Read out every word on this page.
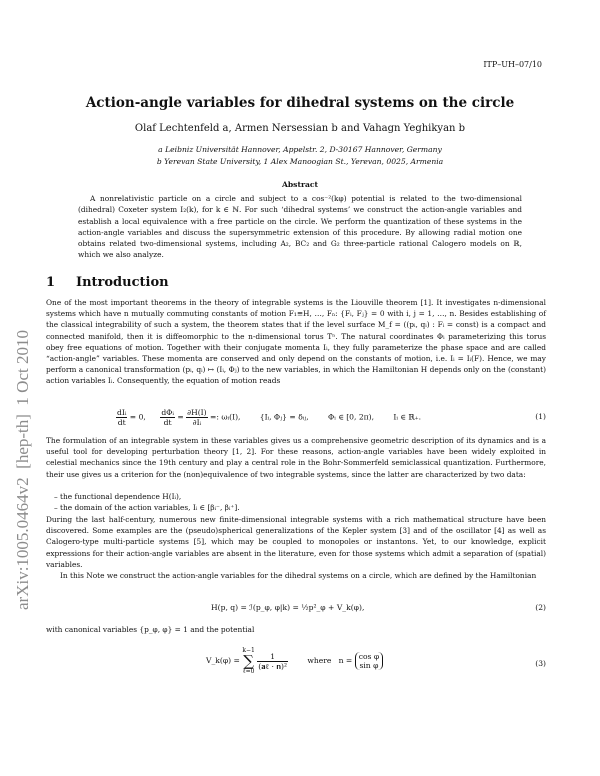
arXiv:1005.0464v2  [hep-th]  1 Oct 2010
ITP–UH–07/10
Action-angle variables for dihedral systems on the circle
Olaf Lechtenfeld a, Armen Nersessian b and Vahagn Yeghikyan b
a Leibniz Universität Hannover, Appelstr. 2, D-30167 Hannover, Germany
b Yerevan State University, 1 Alex Manoogian St., Yerevan, 0025, Armenia
Abstract
A nonrelativistic particle on a circle and subject to a cos⁻²(kφ) potential is related to the two-dimensional (dihedral) Coxeter system I₂(k), for k ∈ ℕ. For such ‘dihedral systems’ we construct the action-angle variables and establish a local equivalence with a free particle on the circle. We perform the quantization of these systems in the action-angle variables and discuss the supersymmetric extension of this procedure. By allowing radial motion one obtains related two-dimensional systems, including A₂, BC₂ and G₂ three-particle rational Calogero models on ℝ, which we also analyze.
1 Introduction
One of the most important theorems in the theory of integrable systems is the Liouville theorem [1]. It investigates n-dimensional systems which have n mutually commuting constants of motion F₁≡H, …, Fₙ: {Fᵢ, Fⱼ} = 0 with i, j = 1, …, n. Besides establishing of the classical integrability of such a system, the theorem states that if the level surface M_f = ((pᵢ, qᵢ) : Fᵢ = const) is a compact and connected manifold, then it is diffeomorphic to the n-dimensional torus Tⁿ. The natural coordinates Φᵢ parameterizing this torus obey free equations of motion. Together with their conjugate momenta Iᵢ, they fully parameterize the phase space and are called “action-angle” variables. These momenta are conserved and only depend on the constants of motion, i.e. Iᵢ = Iᵢ(F). Hence, we may perform a canonical transformation (pᵢ, qᵢ) ↦ (Iᵢ, Φⱼ) to the new variables, in which the Hamiltonian H depends only on the (constant) action variables Iᵢ. Consequently, the equation of motion reads
$\frac{\text{dIᵢ}}{dt} = 0$, $\frac{\text{dΦᵢ}}{dt} = \frac{\partial H(I)}{\text{∂Iᵢ}}$ =: ωᵢ(I),        {Iᵢ, Φⱼ} = δᵢⱼ,        Φᵢ ∈ [0, 2π),        Iᵢ ∈ ℝ₊.	(1)
The formulation of an integrable system in these variables gives us a comprehensive geometric description of its dynamics and is a useful tool for developing perturbation theory [1, 2]. For these reasons, action-angle variables have been widely exploited in celestial mechanics since the 19th century and play a central role in the Bohr-Sommerfeld semiclassical quantization. Furthermore, their use gives us a criterion for the (non)equivalence of two integrable systems, since the latter are characterized by two data:
– the functional dependence H(Iᵢ),
– the domain of the action variables, Iᵢ ∈ [βᵢ⁻, βᵢ⁺].
During the last half-century, numerous new finite-dimensional integrable systems with a rich mathematical structure have been discovered. Some examples are the (pseudo)spherical generalizations of the Kepler system [3] and of the oscillator [4] as well as Calogero-type multi-particle systems [5], which may be coupled to monopoles or instantons. Yet, to our knowledge, explicit expressions for their action-angle variables are absent in the literature, even for those systems which admit a separation of (spatial) variables.
In this Note we construct the action-angle variables for the dihedral systems on a circle, which are defined by the Hamiltonian
H(p, q) = ℐ(p_φ, φ|k) = ½p²_φ + V_k(φ),	(2)
with canonical variables {p_φ, φ} = 1 and the potential
V_k(φ) = k−1
∑
ℓ=0
$\frac{1}{\text{(𝐚ℓ · 𝐧)²}}$	where   n = cos φ
sin φ	(3)
